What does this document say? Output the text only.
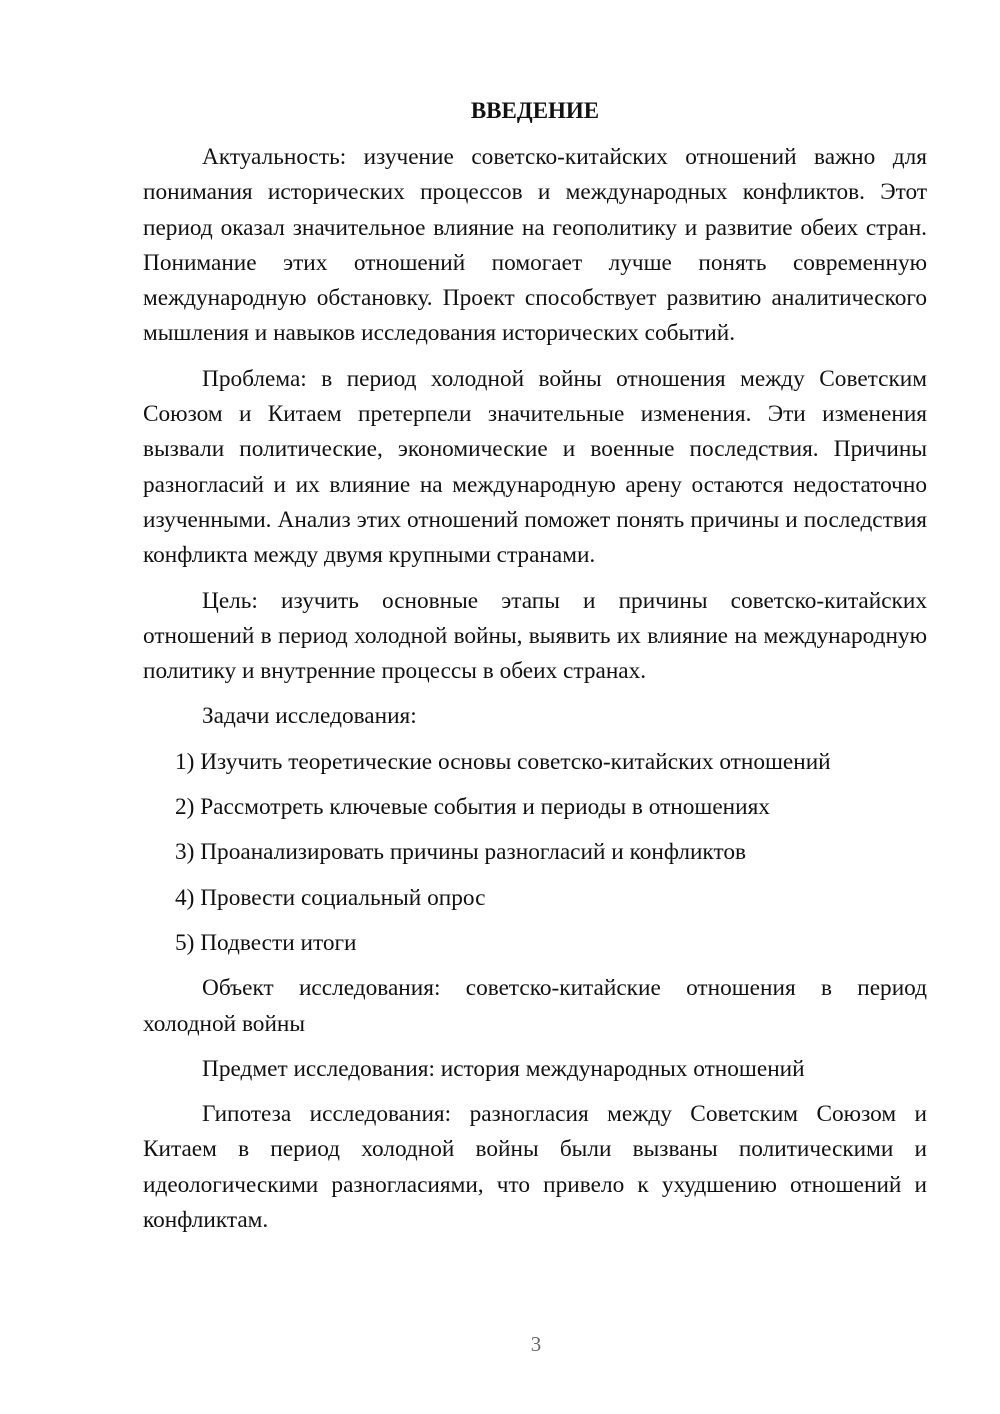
ВВЕДЕНИЕ

Актуальность: изучение советско-китайских отношений важно для понимания исторических процессов и международных конфликтов. Этот период оказал значительное влияние на геополитику и развитие обеих стран. Понимание этих отношений помогает лучше понять современную международную обстановку. Проект способствует развитию аналитического мышления и навыков исследования исторических событий.

Проблема: в период холодной войны отношения между Советским Союзом и Китаем претерпели значительные изменения. Эти изменения вызвали политические, экономические и военные последствия. Причины разногласий и их влияние на международную арену остаются недостаточно изученными. Анализ этих отношений поможет понять причины и последствия конфликта между двумя крупными странами.

Цель: изучить основные этапы и причины советско-китайских отношений в период холодной войны, выявить их влияние на международную политику и внутренние процессы в обеих странах.

Задачи исследования:

1) Изучить теоретические основы советско-китайских отношений
2) Рассмотреть ключевые события и периоды в отношениях
3) Проанализировать причины разногласий и конфликтов
4) Провести социальный опрос
5) Подвести итоги

Объект исследования: советско-китайские отношения в период холодной войны

Предмет исследования: история международных отношений

Гипотеза исследования: разногласия между Советским Союзом и Китаем в период холодной войны были вызваны политическими и идеологическими разногласиями, что привело к ухудшению отношений и конфликтам.

3
